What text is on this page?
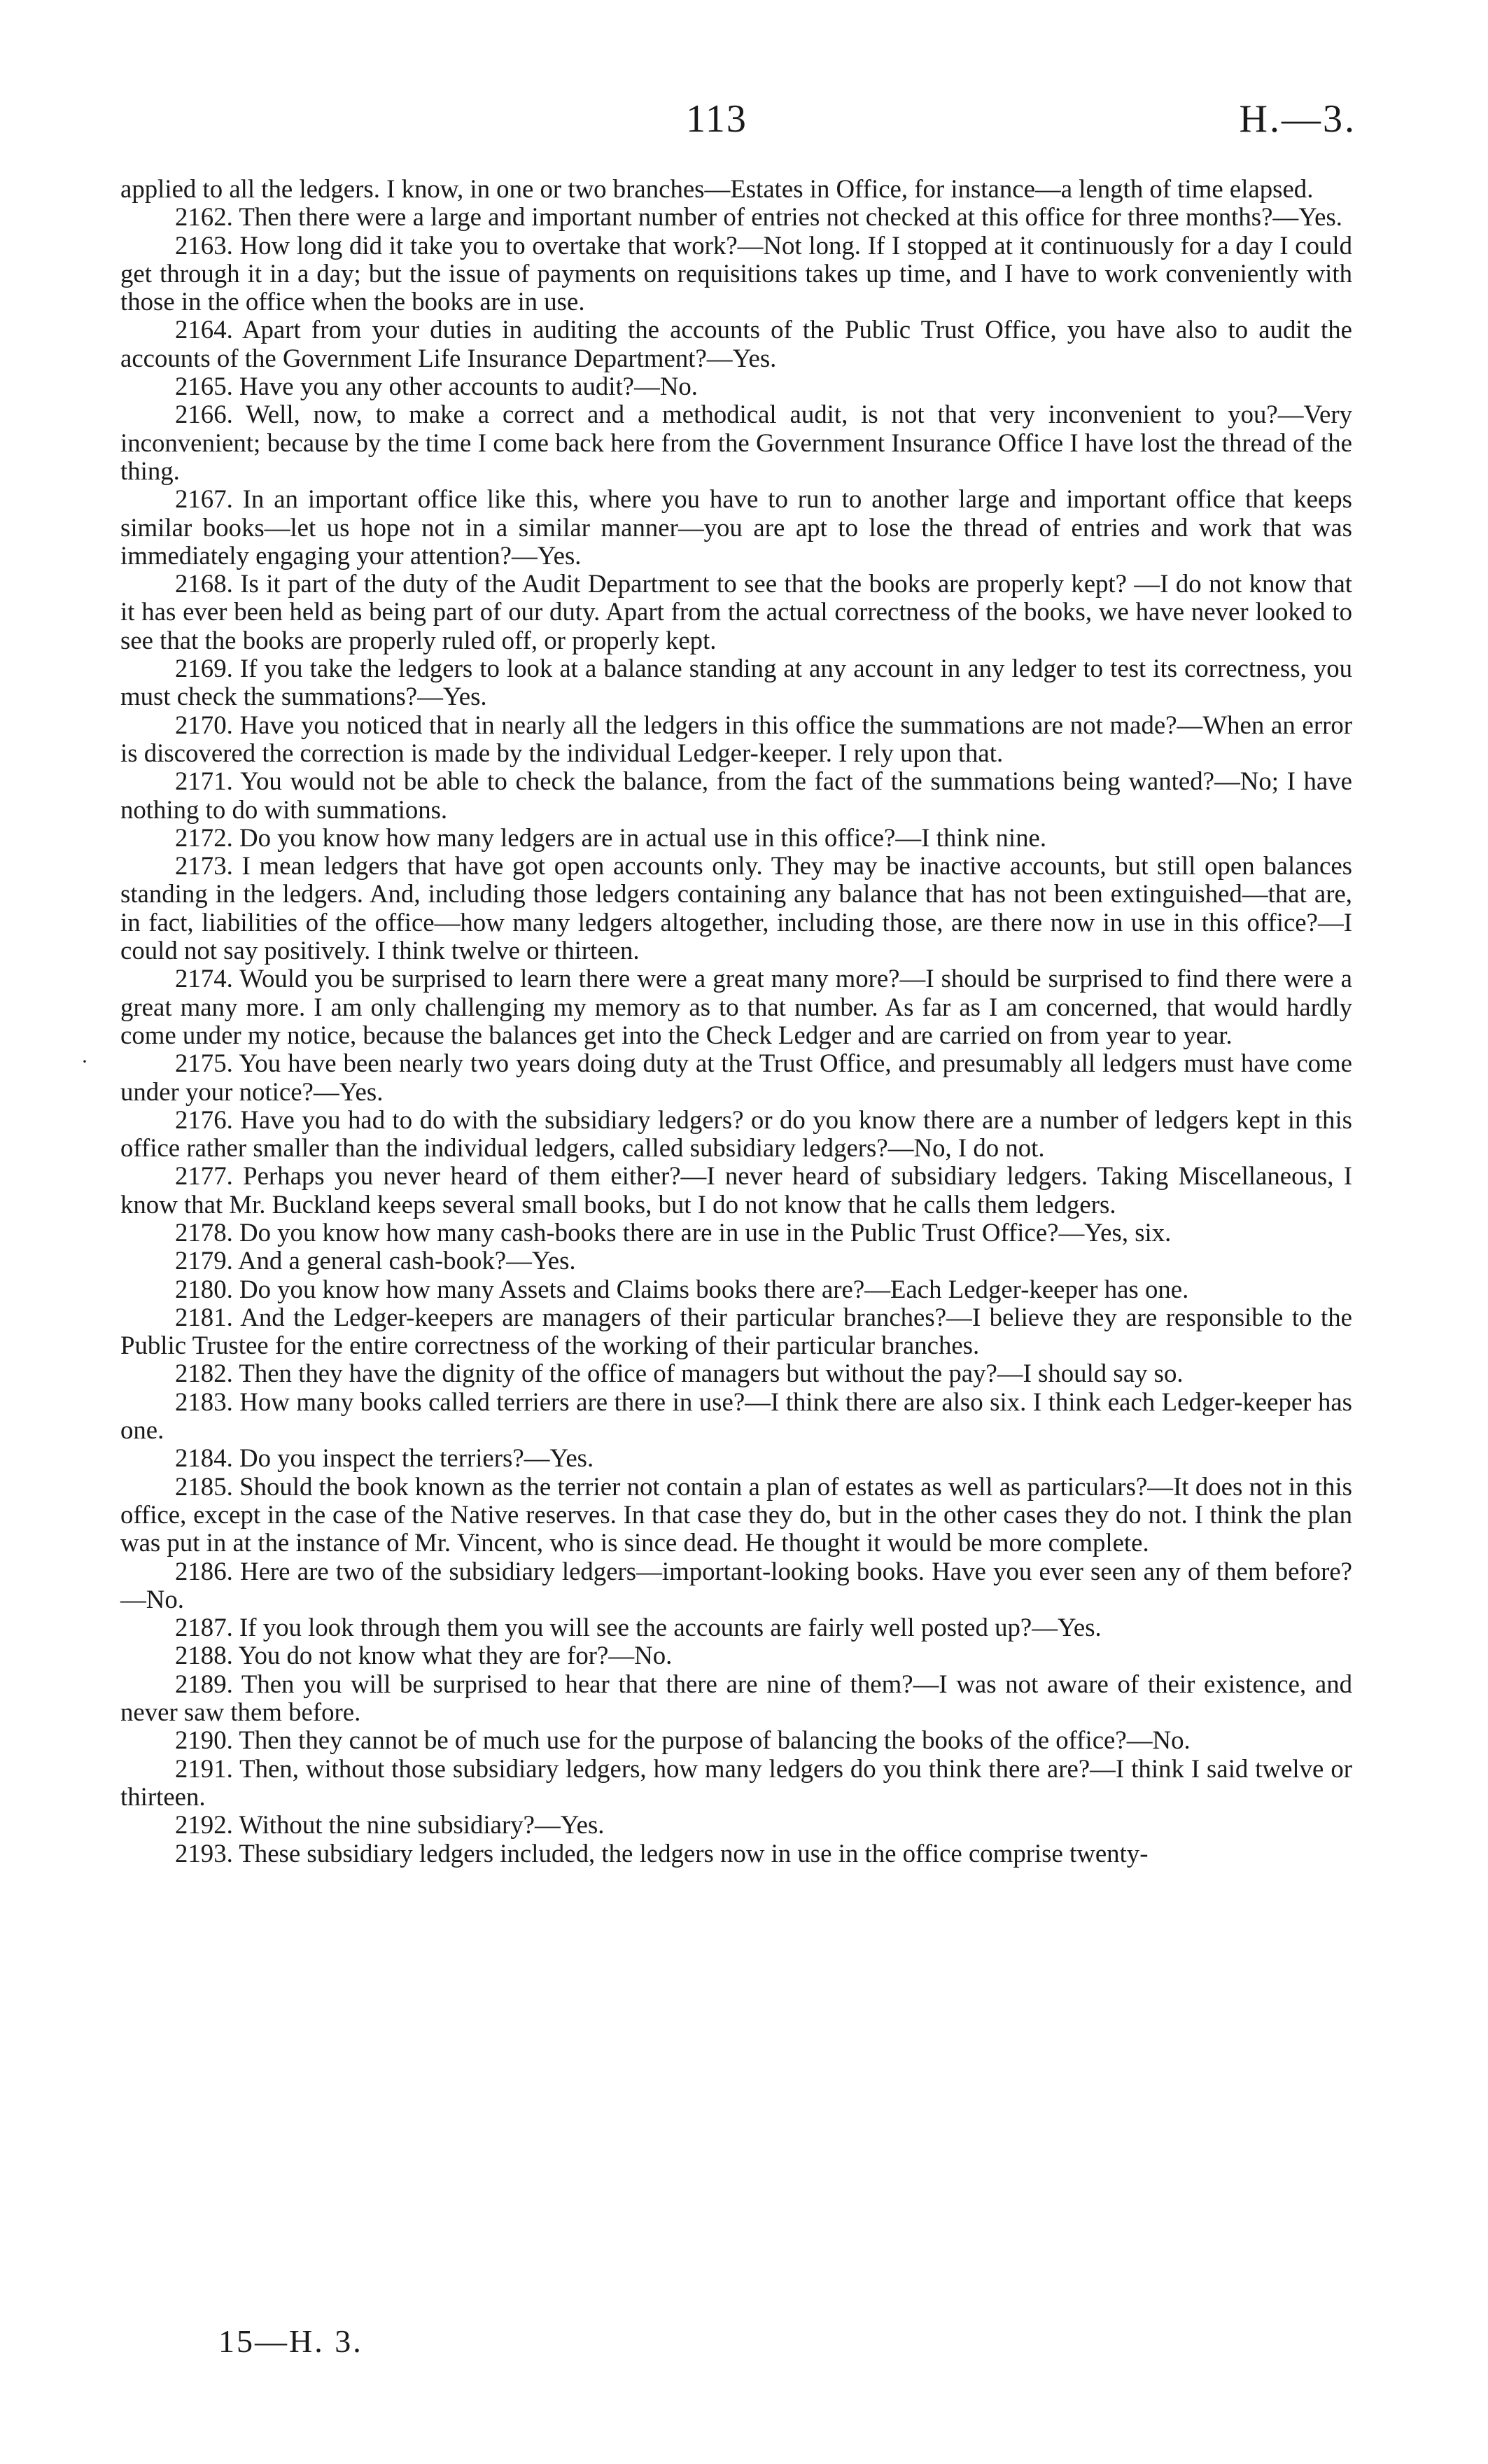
113	H.—3.

applied to all the ledgers. I know, in one or two branches—Estates in Office, for instance—a length of time elapsed.

2162. Then there were a large and important number of entries not checked at this office for three months?—Yes.

2163. How long did it take you to overtake that work?—Not long. If I stopped at it continuously for a day I could get through it in a day; but the issue of payments on requisitions takes up time, and I have to work conveniently with those in the office when the books are in use.

2164. Apart from your duties in auditing the accounts of the Public Trust Office, you have also to audit the accounts of the Government Life Insurance Department?—Yes.

2165. Have you any other accounts to audit?—No.

2166. Well, now, to make a correct and a methodical audit, is not that very inconvenient to you?—Very inconvenient; because by the time I come back here from the Government Insurance Office I have lost the thread of the thing.

2167. In an important office like this, where you have to run to another large and important office that keeps similar books—let us hope not in a similar manner—you are apt to lose the thread of entries and work that was immediately engaging your attention?—Yes.

2168. Is it part of the duty of the Audit Department to see that the books are properly kept? —I do not know that it has ever been held as being part of our duty. Apart from the actual correctness of the books, we have never looked to see that the books are properly ruled off, or properly kept.

2169. If you take the ledgers to look at a balance standing at any account in any ledger to test its correctness, you must check the summations?—Yes.

2170. Have you noticed that in nearly all the ledgers in this office the summations are not made?—When an error is discovered the correction is made by the individual Ledger-keeper. I rely upon that.

2171. You would not be able to check the balance, from the fact of the summations being wanted?—No; I have nothing to do with summations.

2172. Do you know how many ledgers are in actual use in this office?—I think nine.

2173. I mean ledgers that have got open accounts only. They may be inactive accounts, but still open balances standing in the ledgers. And, including those ledgers containing any balance that has not been extinguished—that are, in fact, liabilities of the office—how many ledgers altogether, including those, are there now in use in this office?—I could not say positively. I think twelve or thirteen.

2174. Would you be surprised to learn there were a great many more?—I should be surprised to find there were a great many more. I am only challenging my memory as to that number. As far as I am concerned, that would hardly come under my notice, because the balances get into the Check Ledger and are carried on from year to year.

2175. You have been nearly two years doing duty at the Trust Office, and presumably all ledgers must have come under your notice?—Yes.

2176. Have you had to do with the subsidiary ledgers? or do you know there are a number of ledgers kept in this office rather smaller than the individual ledgers, called subsidiary ledgers?—No, I do not.

2177. Perhaps you never heard of them either?—I never heard of subsidiary ledgers. Taking Miscellaneous, I know that Mr. Buckland keeps several small books, but I do not know that he calls them ledgers.

2178. Do you know how many cash-books there are in use in the Public Trust Office?—Yes, six.

2179. And a general cash-book?—Yes.

2180. Do you know how many Assets and Claims books there are?—Each Ledger-keeper has one.

2181. And the Ledger-keepers are managers of their particular branches?—I believe they are responsible to the Public Trustee for the entire correctness of the working of their particular branches.

2182. Then they have the dignity of the office of managers but without the pay?—I should say so.

2183. How many books called terriers are there in use?—I think there are also six. I think each Ledger-keeper has one.

2184. Do you inspect the terriers?—Yes.

2185. Should the book known as the terrier not contain a plan of estates as well as particulars?—It does not in this office, except in the case of the Native reserves. In that case they do, but in the other cases they do not. I think the plan was put in at the instance of Mr. Vincent, who is since dead. He thought it would be more complete.

2186. Here are two of the subsidiary ledgers—important-looking books. Have you ever seen any of them before?—No.

2187. If you look through them you will see the accounts are fairly well posted up?—Yes.

2188. You do not know what they are for?—No.

2189. Then you will be surprised to hear that there are nine of them?—I was not aware of their existence, and never saw them before.

2190. Then they cannot be of much use for the purpose of balancing the books of the office?—No.

2191. Then, without those subsidiary ledgers, how many ledgers do you think there are?—I think I said twelve or thirteen.

2192. Without the nine subsidiary?—Yes.

2193. These subsidiary ledgers included, the ledgers now in use in the office comprise twenty-

·
15—H. 3.
